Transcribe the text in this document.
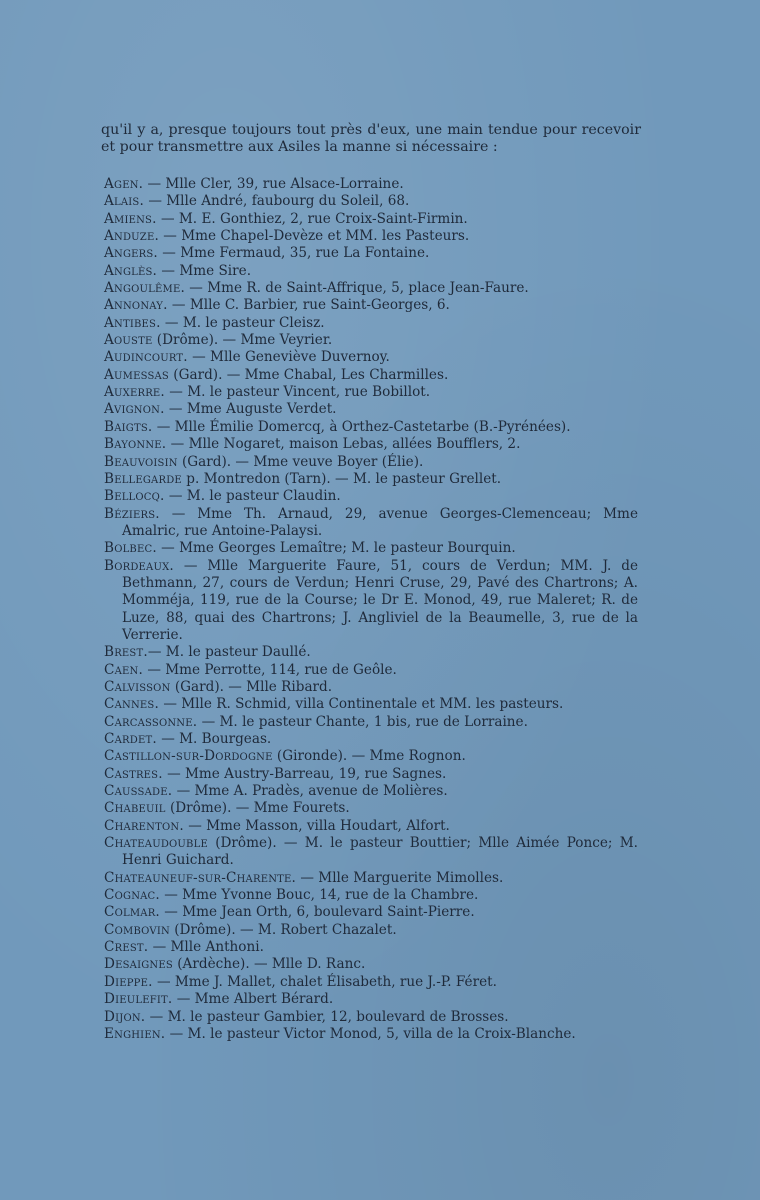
qu'il y a, presque toujours tout près d'eux, une main tendue pour recevoir et pour transmettre aux Asiles la manne si nécessaire :

Agen. — Mlle Cler, 39, rue Alsace-Lorraine.

Alais. — Mlle André, faubourg du Soleil, 68.

Amiens. — M. E. Gonthiez, 2, rue Croix-Saint-Firmin.

Anduze. — Mme Chapel-Devèze et MM. les Pasteurs.

Angers. — Mme Fermaud, 35, rue La Fontaine.

Anglès. — Mme Sire.

Angoulême. — Mme R. de Saint-Affrique, 5, place Jean-Faure.

Annonay. — Mlle C. Barbier, rue Saint-Georges, 6.

Antibes. — M. le pasteur Cleisz.

Aouste (Drôme). — Mme Veyrier.

Audincourt. — Mlle Geneviève Duvernoy.

Aumessas (Gard). — Mme Chabal, Les Charmilles.

Auxerre. — M. le pasteur Vincent, rue Bobillot.

Avignon. — Mme Auguste Verdet.

Baigts. — Mlle Émilie Domercq, à Orthez-Castetarbe (B.-Pyrénées).

Bayonne. — Mlle Nogaret, maison Lebas, allées Boufflers, 2.

Beauvoisin (Gard). — Mme veuve Boyer (Élie).

Bellegarde p. Montredon (Tarn). — M. le pasteur Grellet.

Bellocq. — M. le pasteur Claudin.

Béziers. — Mme Th. Arnaud, 29, avenue Georges-Clemenceau; Mme Amalric, rue Antoine-Palaysi.

Bolbec. — Mme Georges Lemaître; M. le pasteur Bourquin.

Bordeaux. — Mlle Marguerite Faure, 51, cours de Verdun; MM. J. de Bethmann, 27, cours de Verdun; Henri Cruse, 29, Pavé des Chartrons; A. Momméja, 119, rue de la Course; le Dr E. Monod, 49, rue Maleret; R. de Luze, 88, quai des Chartrons; J. Angliviel de la Beaumelle, 3, rue de la Verrerie.

Brest.— M. le pasteur Daullé.

Caen. — Mme Perrotte, 114, rue de Geôle.

Calvisson (Gard). — Mlle Ribard.

Cannes. — Mlle R. Schmid, villa Continentale et MM. les pasteurs.

Carcassonne. — M. le pasteur Chante, 1 bis, rue de Lorraine.

Cardet. — M. Bourgeas.

Castillon-sur-Dordogne (Gironde). — Mme Rognon.

Castres. — Mme Austry-Barreau, 19, rue Sagnes.

Caussade. — Mme A. Pradès, avenue de Molières.

Chabeuil (Drôme). — Mme Fourets.

Charenton. — Mme Masson, villa Houdart, Alfort.

Chateaudouble (Drôme). — M. le pasteur Bouttier; Mlle Aimée Ponce; M. Henri Guichard.

Chateauneuf-sur-Charente. — Mlle Marguerite Mimolles.

Cognac. — Mme Yvonne Bouc, 14, rue de la Chambre.

Colmar. — Mme Jean Orth, 6, boulevard Saint-Pierre.

Combovin (Drôme). — M. Robert Chazalet.

Crest. — Mlle Anthoni.

Desaignes (Ardèche). — Mlle D. Ranc.

Dieppe. — Mme J. Mallet, chalet Élisabeth, rue J.-P. Féret.

Dieulefit. — Mme Albert Bérard.

Dijon. — M. le pasteur Gambier, 12, boulevard de Brosses.

Enghien. — M. le pasteur Victor Monod, 5, villa de la Croix-Blanche.
